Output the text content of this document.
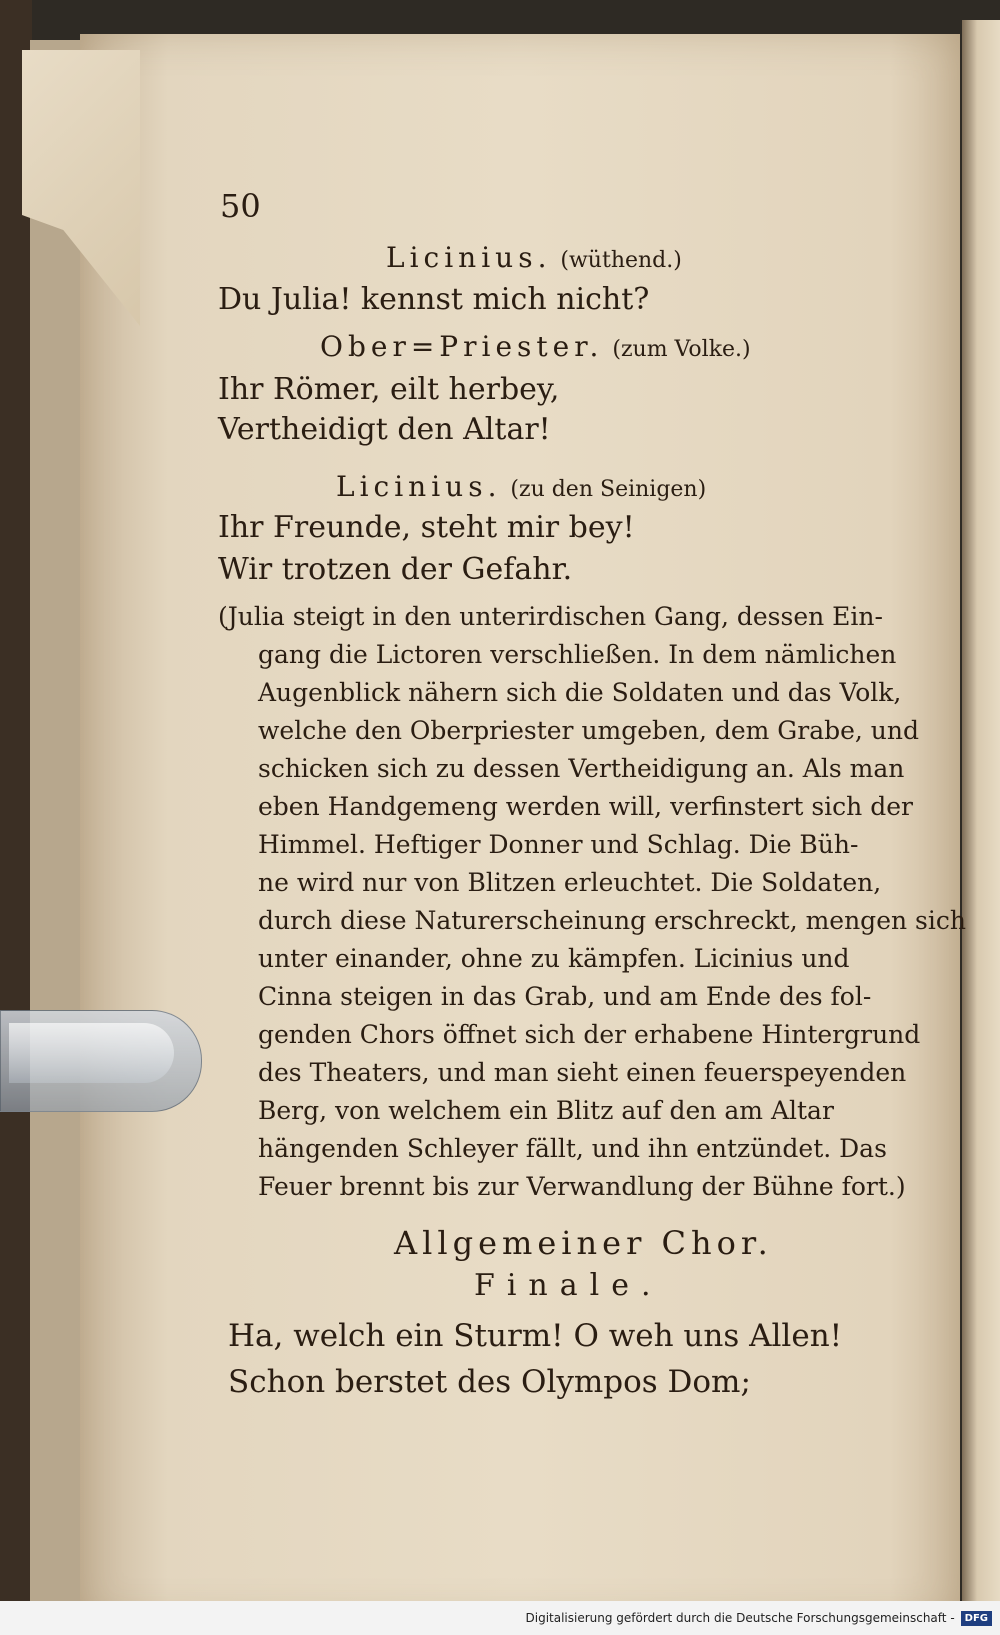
50
Licinius. (wüthend.)
Du Julia! kennst mich nicht?
Ober=Priester. (zum Volke.)
Ihr Römer, eilt herbey,
Vertheidigt den Altar!
Licinius. (zu den Seinigen)
Ihr Freunde, steht mir bey!
Wir trotzen der Gefahr.
(Julia steigt in den unterirdischen Gang, dessen Ein-
gang die Lictoren verschließen. In dem nämlichen
Augenblick nähern sich die Soldaten und das Volk,
welche den Oberpriester umgeben, dem Grabe, und
schicken sich zu dessen Vertheidigung an. Als man
eben Handgemeng werden will, verfinstert sich der
Himmel. Heftiger Donner und Schlag. Die Büh-
ne wird nur von Blitzen erleuchtet. Die Soldaten,
durch diese Naturerscheinung erschreckt, mengen sich
unter einander, ohne zu kämpfen. Licinius und
Cinna steigen in das Grab, und am Ende des fol-
genden Chors öffnet sich der erhabene Hintergrund
des Theaters, und man sieht einen feuerspeyenden
Berg, von welchem ein Blitz auf den am Altar
hängenden Schleyer fällt, und ihn entzündet. Das
Feuer brennt bis zur Verwandlung der Bühne fort.)
Allgemeiner Chor.
Finale.
Ha, welch ein Sturm! O weh uns Allen!
Schon berstet des Olympos Dom;
Digitalisierung gefördert durch die Deutsche Forschungsgemeinschaft -	DFG
